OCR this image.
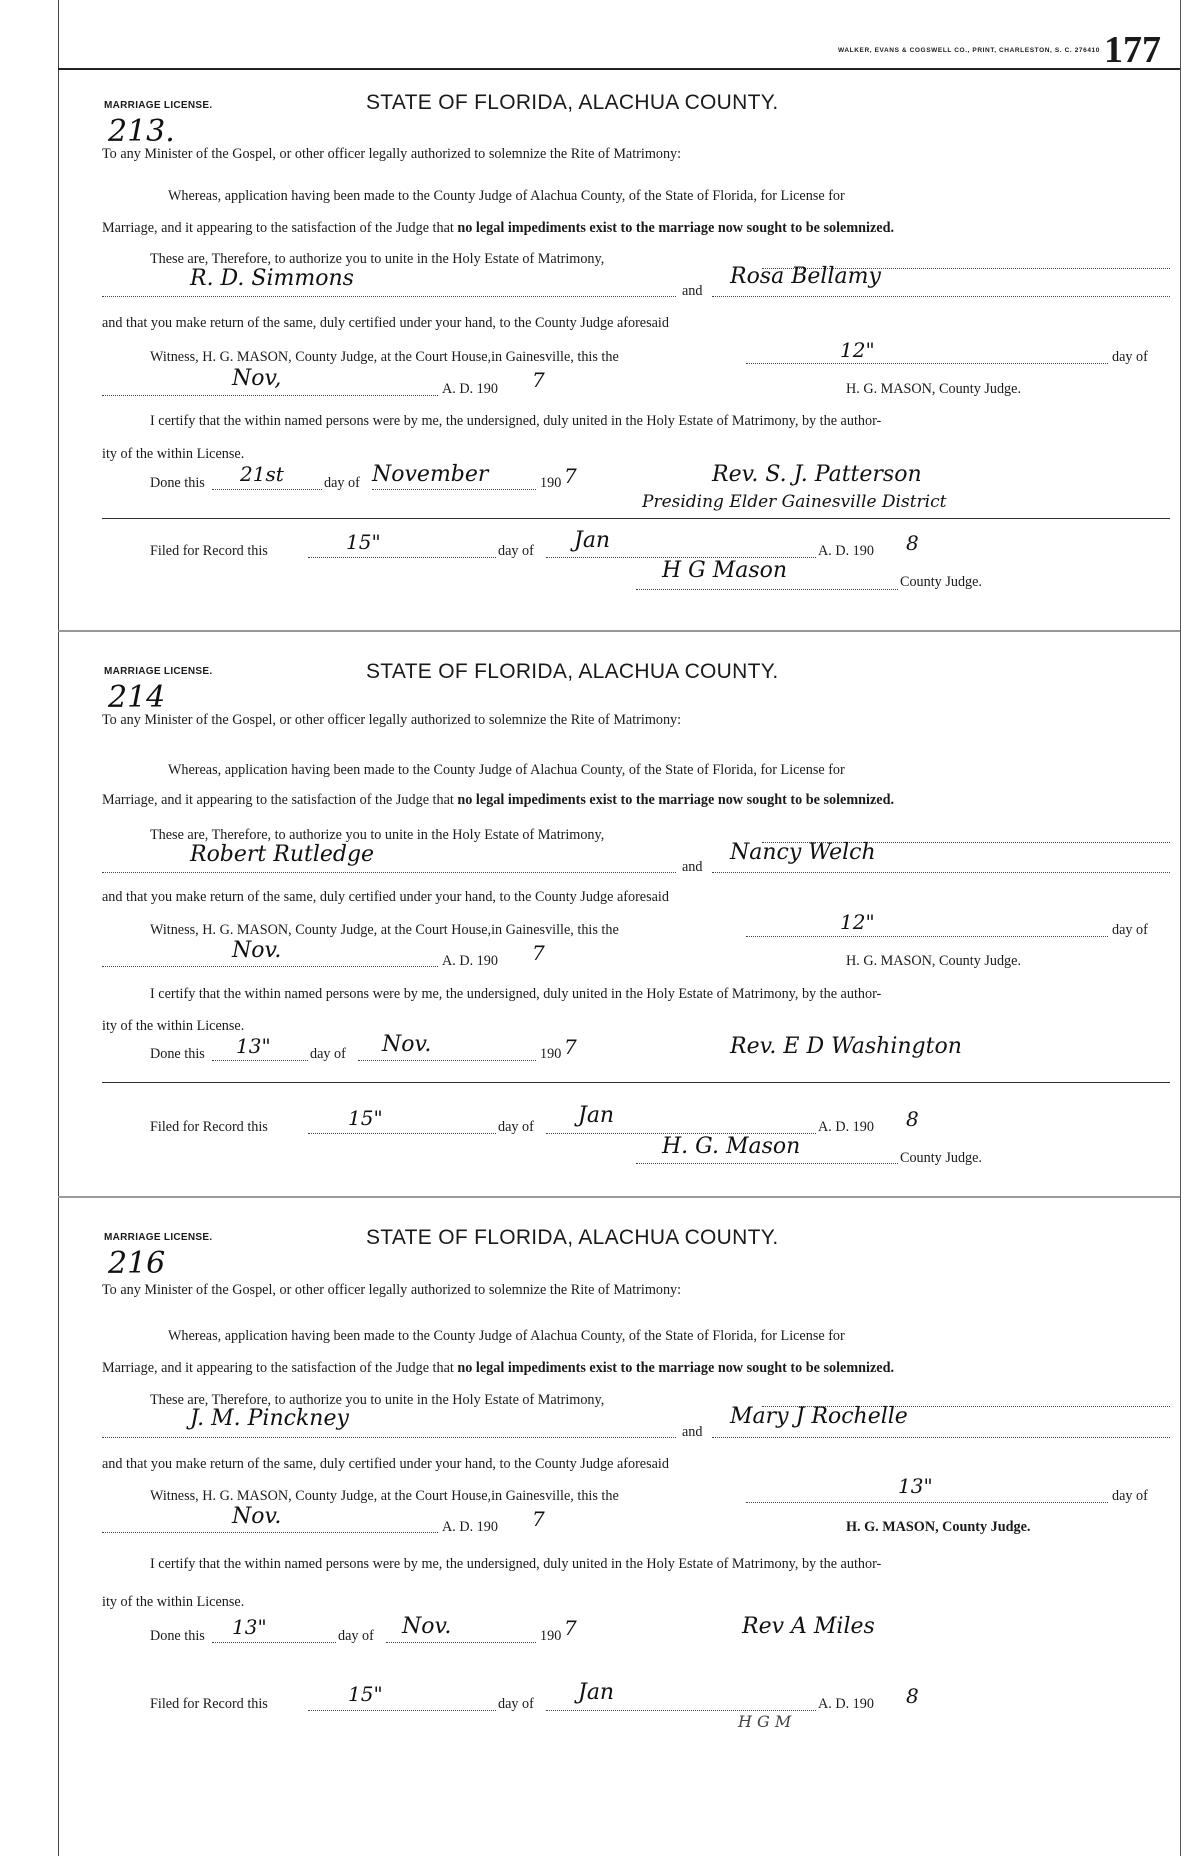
WALKER, EVANS & COGSWELL CO., PRINT, CHARLESTON, S. C. 276410 177
MARRIAGE LICENSE.	STATE OF FLORIDA, ALACHUA COUNTY.
213.
To any Minister of the Gospel, or other officer legally authorized to solemnize the Rite of Matrimony:
Whereas, application having been made to the County Judge of Alachua County, of the State of Florida, for License for
Marriage, and it appearing to the satisfaction of the Judge that no legal impediments exist to the marriage now sought to be solemnized.
These are, Therefore, to authorize you to unite in the Holy Estate of Matrimony,
R. D. Simmons	and
Rosa Bellamy
and that you make return of the same, duly certified under your hand, to the County Judge aforesaid
Witness, H. G. MASON, County Judge, at the Court House,in Gainesville, this the	12"	day of
Nov,	A. D. 190 7	H. G. MASON, County Judge.
I certify that the within named persons were by me, the undersigned, duly united in the Holy Estate of Matrimony, by the author-
ity of the within License.
Done this 21st	day of November	190 7	Rev. S. J. Patterson
Presiding Elder Gainesville District
Filed for Record this	15"	day of Jan	A. D. 190 8
H G Mason	County Judge.
MARRIAGE LICENSE.	STATE OF FLORIDA, ALACHUA COUNTY.
214
To any Minister of the Gospel, or other officer legally authorized to solemnize the Rite of Matrimony:
Whereas, application having been made to the County Judge of Alachua County, of the State of Florida, for License for
Marriage, and it appearing to the satisfaction of the Judge that no legal impediments exist to the marriage now sought to be solemnized.
These are, Therefore, to authorize you to unite in the Holy Estate of Matrimony,
Robert Rutledge	and
Nancy Welch
and that you make return of the same, duly certified under your hand, to the County Judge aforesaid
Witness, H. G. MASON, County Judge, at the Court House,in Gainesville, this the	12"	day of
Nov.	A. D. 190 7	H. G. MASON, County Judge.
I certify that the within named persons were by me, the undersigned, duly united in the Holy Estate of Matrimony, by the author-
ity of the within License.
Done this 13"	day of Nov.	190 7	Rev. E D Washington
Filed for Record this	15"	day of Jan	A. D. 190 8
H. G. Mason	County Judge.
MARRIAGE LICENSE.	STATE OF FLORIDA, ALACHUA COUNTY.
216
To any Minister of the Gospel, or other officer legally authorized to solemnize the Rite of Matrimony:
Whereas, application having been made to the County Judge of Alachua County, of the State of Florida, for License for
Marriage, and it appearing to the satisfaction of the Judge that no legal impediments exist to the marriage now sought to be solemnized.
These are, Therefore, to authorize you to unite in the Holy Estate of Matrimony,
J. M. Pinckney
and
Mary J Rochelle
and that you make return of the same, duly certified under your hand, to the County Judge aforesaid
Witness, H. G. MASON, County Judge, at the Court House,in Gainesville, this the	13"	day of
Nov.	A. D. 190 7	H. G. MASON, County Judge.
I certify that the within named persons were by me, the undersigned, duly united in the Holy Estate of Matrimony, by the author-
ity of the within License.
Done this 13"	day of Nov.	190 7	Rev A Miles
Filed for Record this	15"	day of Jan	A. D. 190 8
H G M
